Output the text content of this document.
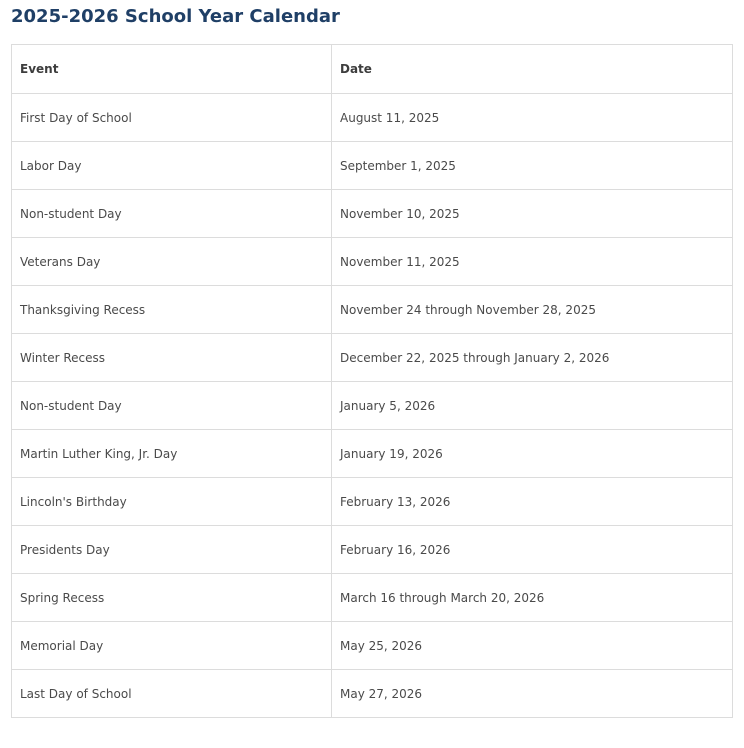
2025-2026 School Year Calendar
Event	Date
First Day of School	August 11, 2025
Labor Day	September 1, 2025
Non-student Day	November 10, 2025
Veterans Day	November 11, 2025
Thanksgiving Recess	November 24 through November 28, 2025
Winter Recess	December 22, 2025 through January 2, 2026
Non-student Day	January 5, 2026
Martin Luther King, Jr. Day	January 19, 2026
Lincoln's Birthday	February 13, 2026
Presidents Day	February 16, 2026
Spring Recess	March 16 through March 20, 2026
Memorial Day	May 25, 2026
Last Day of School	May 27, 2026
